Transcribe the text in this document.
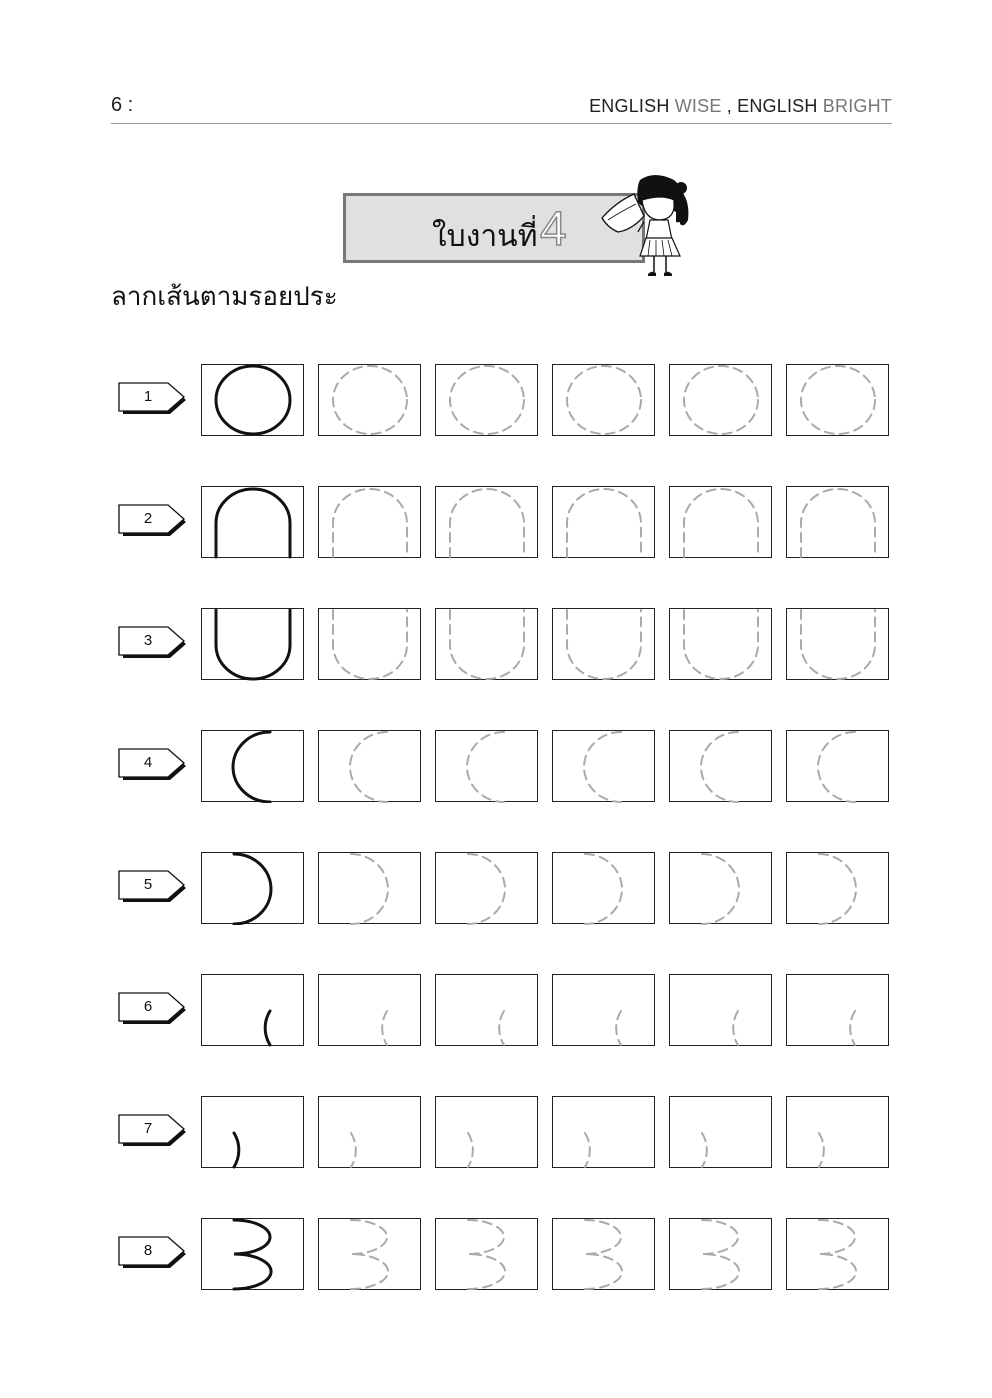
6 :	ENGLISH WISE , ENGLISH BRIGHT
ใบงานที่ 4
ลากเส้นตามรอยประ
1
2
3
4
5
6
7
8
